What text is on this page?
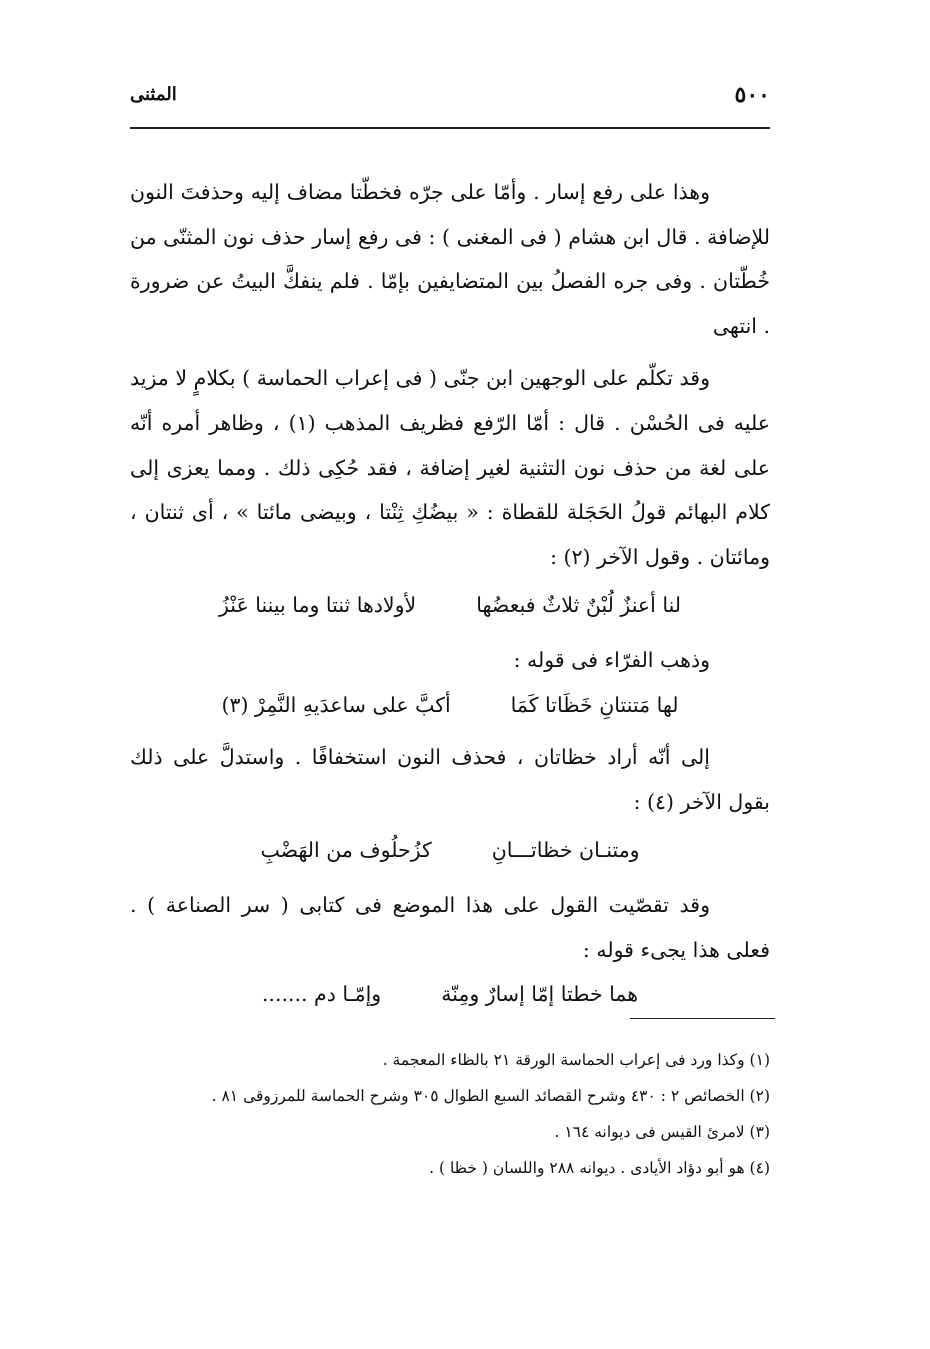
٥٠٠
المثنى

وهذا على رفع إسار . وأمّا على جرّه فخطّتا مضاف إليه وحذفتَ النون للإضافة . قال ابن هشام ( فى المغنى ) : فى رفع إسار حذف نون المثنّى من خُطّتان . وفى جره الفصلُ بين المتضايفين بإمّا . فلم ينفكَّ البيتُ عن ضرورة . انتهى

وقد تكلّم على الوجهين ابن جنّى ( فى إعراب الحماسة ) بكلامٍ لا مزيد عليه فى الحُسْن . قال : أمّا الرّفع فظريف المذهب (١) ، وظاهر أمره أنّه على لغة من حذف نون التثنية لغير إضافة ، فقد حُكِى ذلك . ومما يعزى إلى كلام البهائم قولُ الحَجَلة للقطاة : « بيضُكِ ثِنْتا ، وبيضى مائتا » ، أى ثنتان ، ومائتان . وقول الآخر (٢) :

لنا أعنزٌ لُبْنٌ ثلاثٌ فبعضُها
لأولادها ثنتا وما بيننا عَنْزُ

وذهب الفرّاء فى قوله :

لها مَتنتانِ خَظَاتا كَمَا
أكبَّ على ساعدَيهِ النَّمِرْ (٣)

إلى أنّه أراد خظاتان ، فحذف النون استخفافًا . واستدلَّ على ذلك بقول الآخر (٤) :

ومتنـان خظاتـــانِ
كزُحلُوف من الهَضْبِ

وقد تقصّيت القول على هذا الموضع فى كتابى ( سر الصناعة ) . فعلى هذا يجىء قوله :

هما خطتا إمّا إسارٌ ومِنّة
وإمّـا دم .......

(١) وكذا ورد فى إعراب الحماسة الورقة ٢١ بالظاء المعجمة .

(٢) الخصائص ٢ : ٤٣٠ وشرح القصائد السبع الطوال ٣٠٥ وشرح الحماسة للمرزوقى ٨١ .

(٣) لامرئ القيس فى ديوانه ١٦٤ .

(٤) هو أبو دؤاد الأيادى . ديوانه ٢٨٨ واللسان ( خظا ) .
